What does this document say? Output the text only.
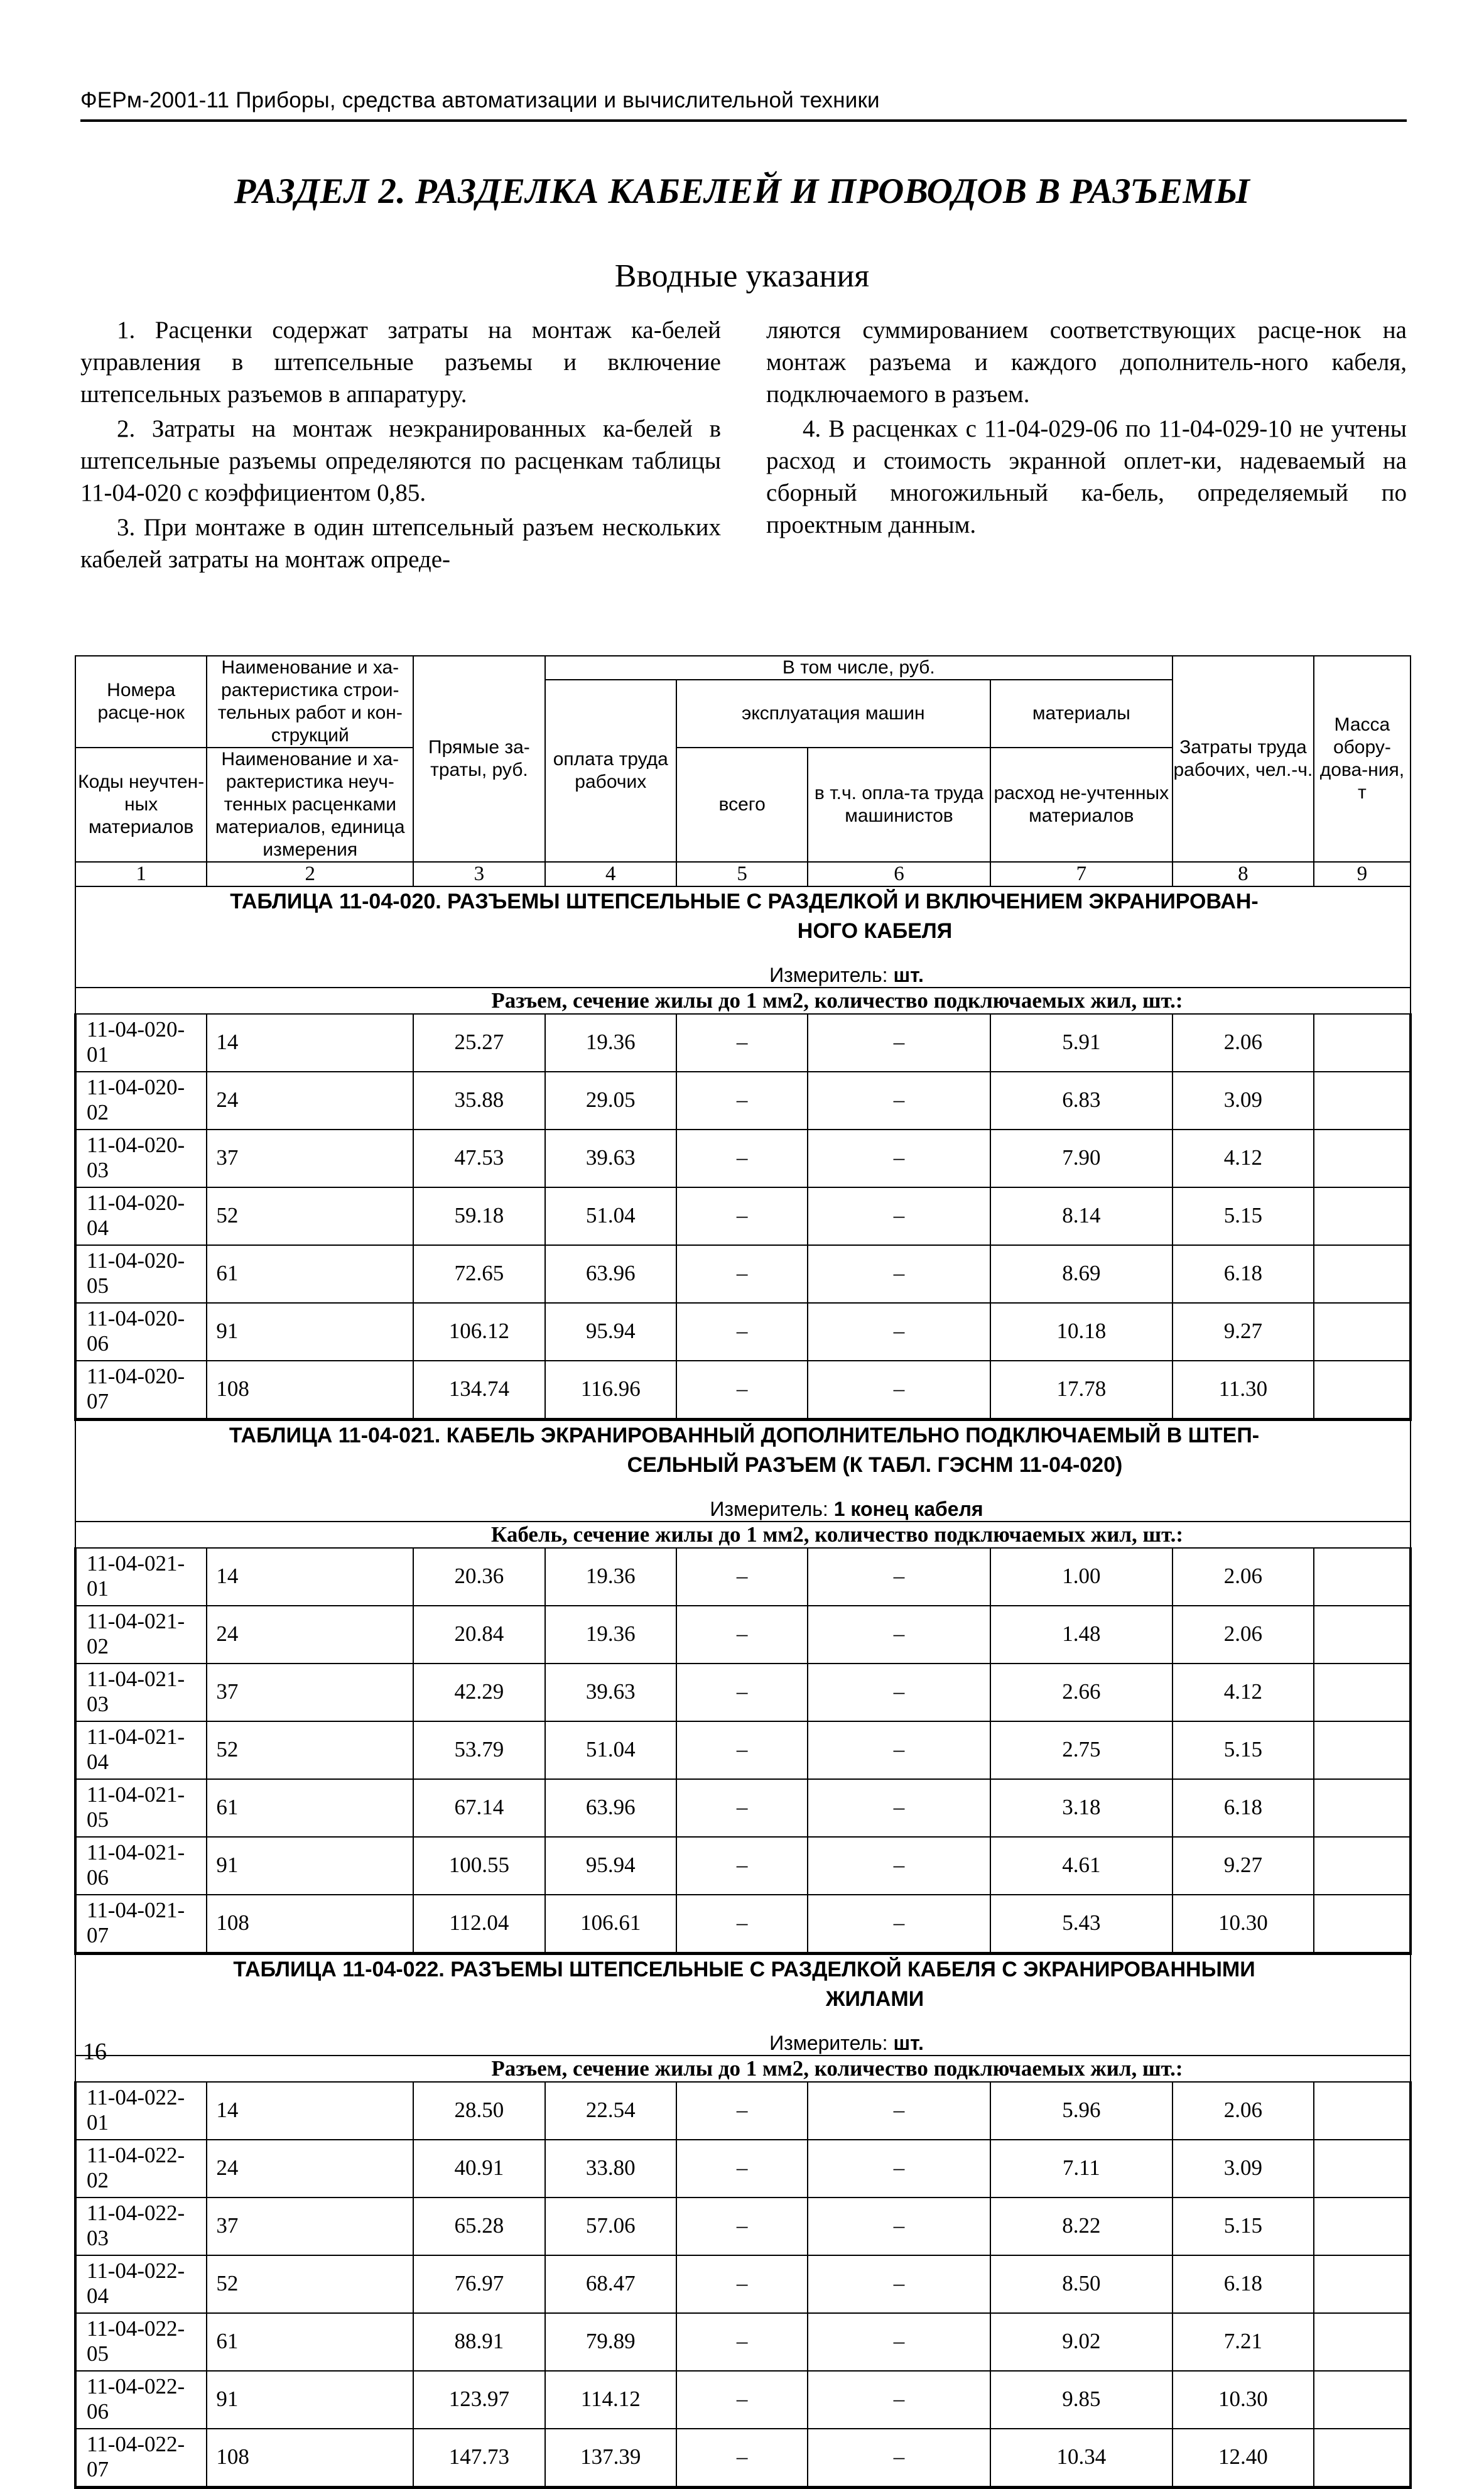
ФЕРм-2001-11 Приборы, средства автоматизации и вычислительной техники
РАЗДЕЛ 2. РАЗДЕЛКА КАБЕЛЕЙ И ПРОВОДОВ В РАЗЪЕМЫ
Вводные указания

1. Расценки содержат затраты на монтаж ка-белей управления в штепсельные разъемы и включение штепсельных разъемов в аппаратуру.

2. Затраты на монтаж неэкранированных ка-белей в штепсельные разъемы определяются по расценкам таблицы 11-04-020 с коэффициентом 0,85.

3. При монтаже в один штепсельный разъем нескольких кабелей затраты на монтаж опреде-

ляются суммированием соответствующих расце-нок на монтаж разъема и каждого дополнитель-ного кабеля, подключаемого в разъем.

4. В расценках с 11-04-029-06 по 11-04-029-10 не учтены расход и стоимость экранной оплет-ки, надеваемый на сборный многожильный ка-бель, определяемый по проектным данным.

Номера расце-нок	Наименование и ха-рактеристика строи-тельных работ и кон-струкций	Прямые за-траты, руб.	В том числе, руб.				Затраты труда рабочих, чел.-ч.	Масса обору-дова-ния, т
			оплата труда рабочих	эксплуатация машин		материалы		
Коды неучтен-ных материалов	Наименование и ха-рактеристика неуч-тенных расценками материалов, единица измерения			всего	в т.ч. опла-та труда машинистов			
						расход не-учтенных материалов		
1	2	3	4	5	6	7	8	9

ТАБЛИЦА 11-04-020. РАЗЪЕМЫ ШТЕПСЕЛЬНЫЕ С РАЗДЕЛКОЙ И ВКЛЮЧЕНИЕМ ЭКРАНИРОВАН-
НОГО КАБЕЛЯ
Измеритель: шт.								

Разъем, сечение жилы до 1 мм2, количество подключаемых жил, шт.:								

11-04-020-01	14	25.27	19.36	–	–	5.91	2.06	
11-04-020-02	24	35.88	29.05	–	–	6.83	3.09	
11-04-020-03	37	47.53	39.63	–	–	7.90	4.12	
11-04-020-04	52	59.18	51.04	–	–	8.14	5.15	
11-04-020-05	61	72.65	63.96	–	–	8.69	6.18	
11-04-020-06	91	106.12	95.94	–	–	10.18	9.27	
11-04-020-07	108	134.74	116.96	–	–	17.78	11.30	

ТАБЛИЦА 11-04-021. КАБЕЛЬ ЭКРАНИРОВАННЫЙ ДОПОЛНИТЕЛЬНО ПОДКЛЮЧАЕМЫЙ В ШТЕП-
СЕЛЬНЫЙ РАЗЪЕМ (К ТАБЛ. ГЭСНМ 11-04-020)
Измеритель: 1 конец кабеля								

Кабель, сечение жилы до 1 мм2, количество подключаемых жил, шт.:								

11-04-021-01	14	20.36	19.36	–	–	1.00	2.06	
11-04-021-02	24	20.84	19.36	–	–	1.48	2.06	
11-04-021-03	37	42.29	39.63	–	–	2.66	4.12	
11-04-021-04	52	53.79	51.04	–	–	2.75	5.15	
11-04-021-05	61	67.14	63.96	–	–	3.18	6.18	
11-04-021-06	91	100.55	95.94	–	–	4.61	9.27	
11-04-021-07	108	112.04	106.61	–	–	5.43	10.30	

ТАБЛИЦА 11-04-022. РАЗЪЕМЫ ШТЕПСЕЛЬНЫЕ С РАЗДЕЛКОЙ КАБЕЛЯ С ЭКРАНИРОВАННЫМИ
ЖИЛАМИ
Измеритель: шт.								

Разъем, сечение жилы до 1 мм2, количество подключаемых жил, шт.:								

11-04-022-01	14	28.50	22.54	–	–	5.96	2.06	
11-04-022-02	24	40.91	33.80	–	–	7.11	3.09	
11-04-022-03	37	65.28	57.06	–	–	8.22	5.15	
11-04-022-04	52	76.97	68.47	–	–	8.50	6.18	
11-04-022-05	61	88.91	79.89	–	–	9.02	7.21	
11-04-022-06	91	123.97	114.12	–	–	9.85	10.30	
11-04-022-07	108	147.73	137.39	–	–	10.34	12.40	
16
